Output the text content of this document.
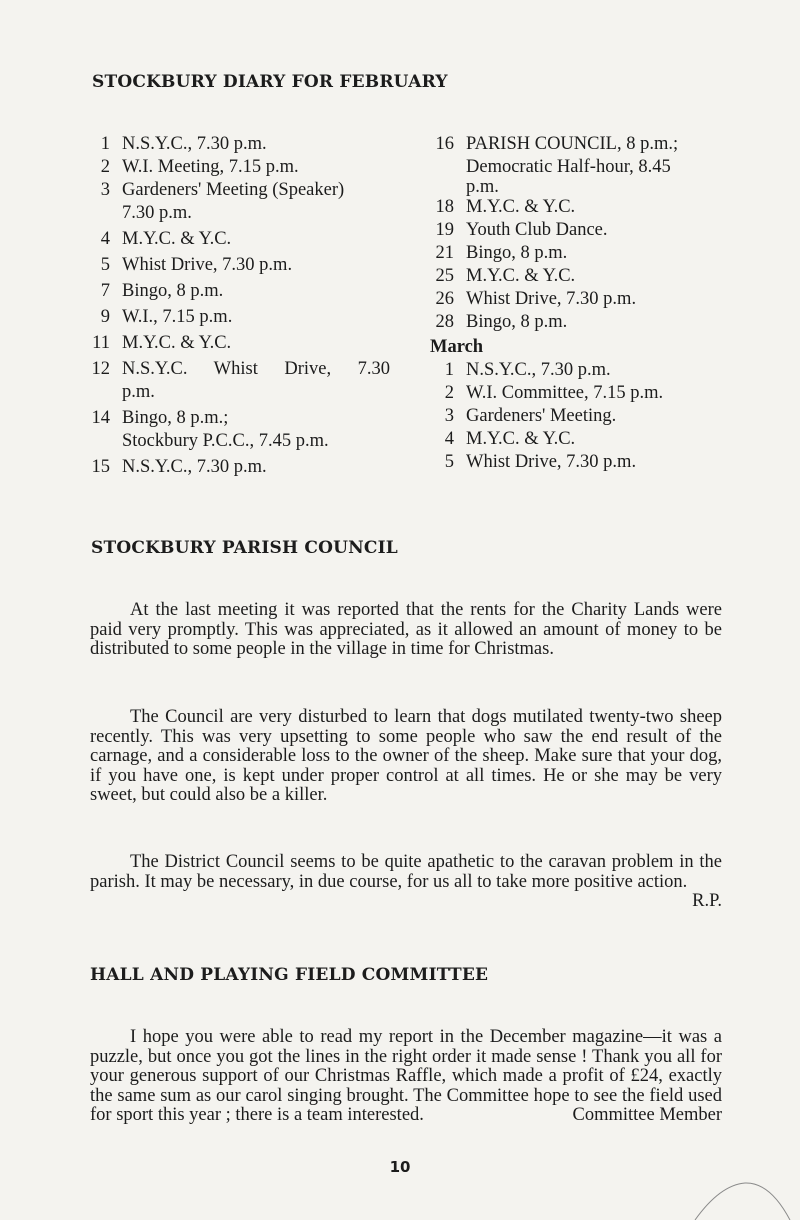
STOCKBURY DIARY FOR FEBRUARY
1 N.S.Y.C., 7.30 p.m.
2 W.I. Meeting, 7.15 p.m.
3 Gardeners' Meeting (Speaker)
7.30 p.m.
4 M.Y.C. & Y.C.
5 Whist Drive, 7.30 p.m.
7 Bingo, 8 p.m.
9 W.I., 7.15 p.m.
11 M.Y.C. & Y.C.
12 N.S.Y.C. Whist Drive, 7.30
p.m.
14 Bingo, 8 p.m.;
Stockbury P.C.C., 7.45 p.m.
15 N.S.Y.C., 7.30 p.m.
16 PARISH COUNCIL, 8 p.m.;
Democratic Half-hour, 8.45
p.m.
18 M.Y.C. & Y.C.
19 Youth Club Dance.
21 Bingo, 8 p.m.
25 M.Y.C. & Y.C.
26 Whist Drive, 7.30 p.m.
28 Bingo, 8 p.m.
March
1 N.S.Y.C., 7.30 p.m.
2 W.I. Committee, 7.15 p.m.
3 Gardeners' Meeting.
4 M.Y.C. & Y.C.
5 Whist Drive, 7.30 p.m.
STOCKBURY PARISH COUNCIL

At the last meeting it was reported that the rents for the Charity Lands were paid very promptly. This was appreciated, as it allowed an amount of money to be distributed to some people in the village in time for Christmas.

The Council are very disturbed to learn that dogs mutilated twenty-two sheep recently. This was very upsetting to some people who saw the end result of the carnage, and a considerable loss to the owner of the sheep. Make sure that your dog, if you have one, is kept under proper control at all times. He or she may be very sweet, but could also be a killer.

The District Council seems to be quite apathetic to the caravan problem in the parish. It may be necessary, in due course, for us all to take more positive action.
R.P.

HALL AND PLAYING FIELD COMMITTEE

I hope you were able to read my report in the December magazine—it was a puzzle, but once you got the lines in the right order it made sense ! Thank you all for your generous support of our Christmas Raffle, which made a profit of £24, exactly the same sum as our carol singing brought. The Committee hope to see the field used for sport this year ; there is a team interested.	Committee Member

10
